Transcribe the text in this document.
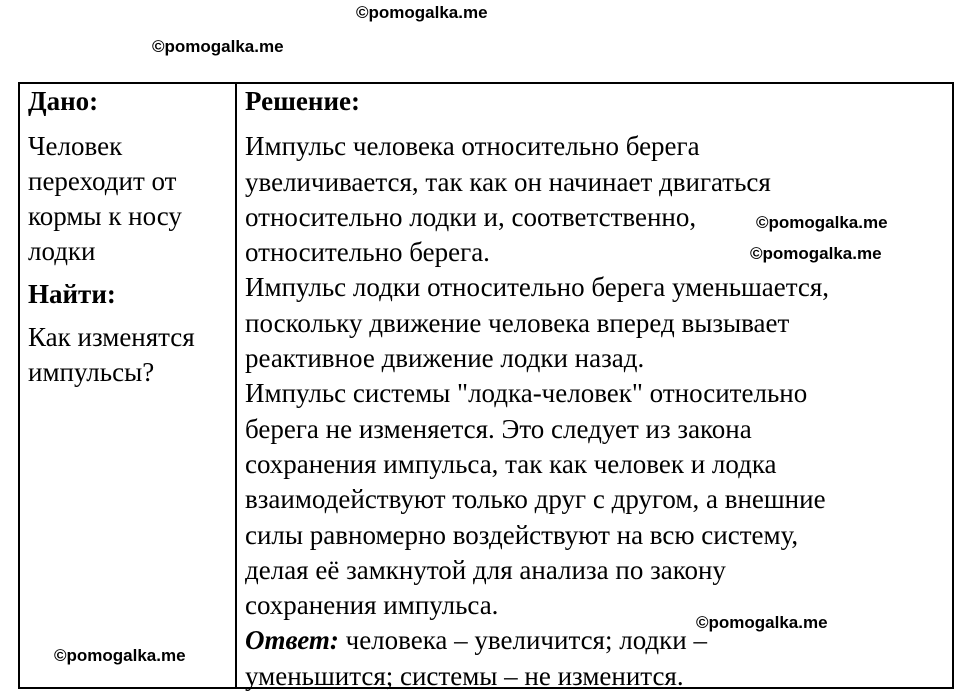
©pomogalka.me
©pomogalka.me
©pomogalka.me
©pomogalka.me
©pomogalka.me
©pomogalka.me
Дано:
Человек
переходит от
кормы к носу
лодки
Найти:
Как изменятся
импульсы?
Решение:
Импульс человека относительно берега
увеличивается, так как он начинает двигаться
относительно лодки и, соответственно,
относительно берега.
Импульс лодки относительно берега уменьшается,
поскольку движение человека вперед вызывает
реактивное движение лодки назад.
Импульс системы "лодка-человек" относительно
берега не изменяется. Это следует из закона
сохранения импульса, так как человек и лодка
взаимодействуют только друг с другом, а внешние
силы равномерно воздействуют на всю систему,
делая её замкнутой для анализа по закону
сохранения импульса.
Ответ: человека – увеличится; лодки –
уменьшится; системы – не изменится.
